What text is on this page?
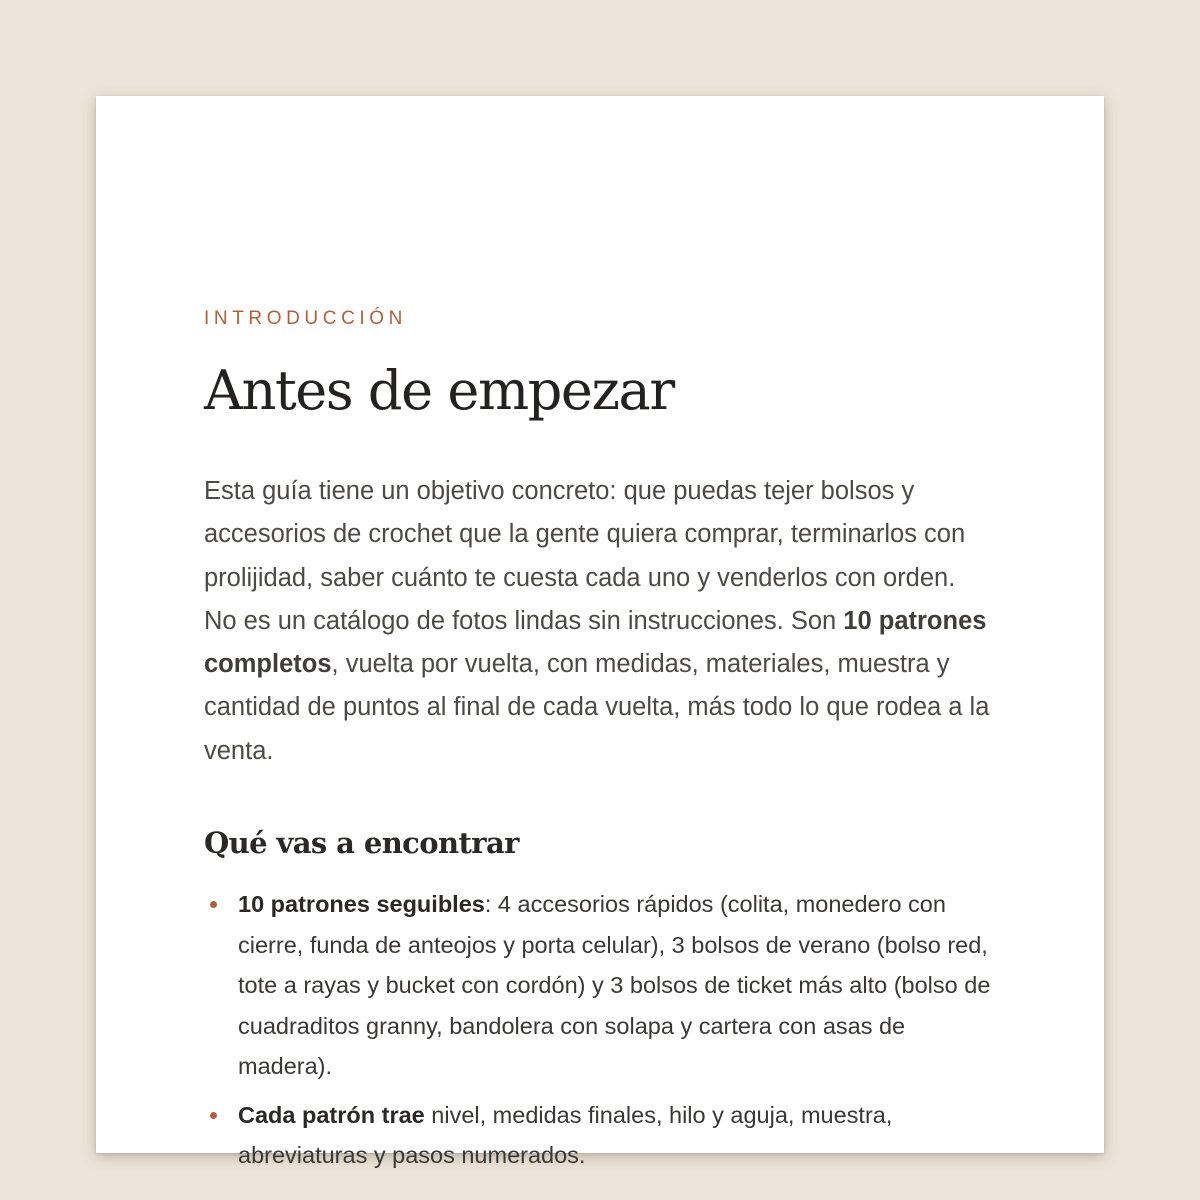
INTRODUCCIÓN

Antes de empezar

Esta guía tiene un objetivo concreto: que puedas tejer bolsos y accesorios de crochet que la gente quiera comprar, terminarlos con prolijidad, saber cuánto te cuesta cada uno y venderlos con orden. No es un catálogo de fotos lindas sin instrucciones. Son 10 patrones completos, vuelta por vuelta, con medidas, materiales, muestra y cantidad de puntos al final de cada vuelta, más todo lo que rodea a la venta.

Qué vas a encontrar
10 patrones seguibles: 4 accesorios rápidos (colita, monedero con cierre, funda de anteojos y porta celular), 3 bolsos de verano (bolso red, tote a rayas y bucket con cordón) y 3 bolsos de ticket más alto (bolso de cuadraditos granny, bandolera con solapa y cartera con asas de madera).
Cada patrón trae nivel, medidas finales, hilo y aguja, muestra, abreviaturas y pasos numerados.
